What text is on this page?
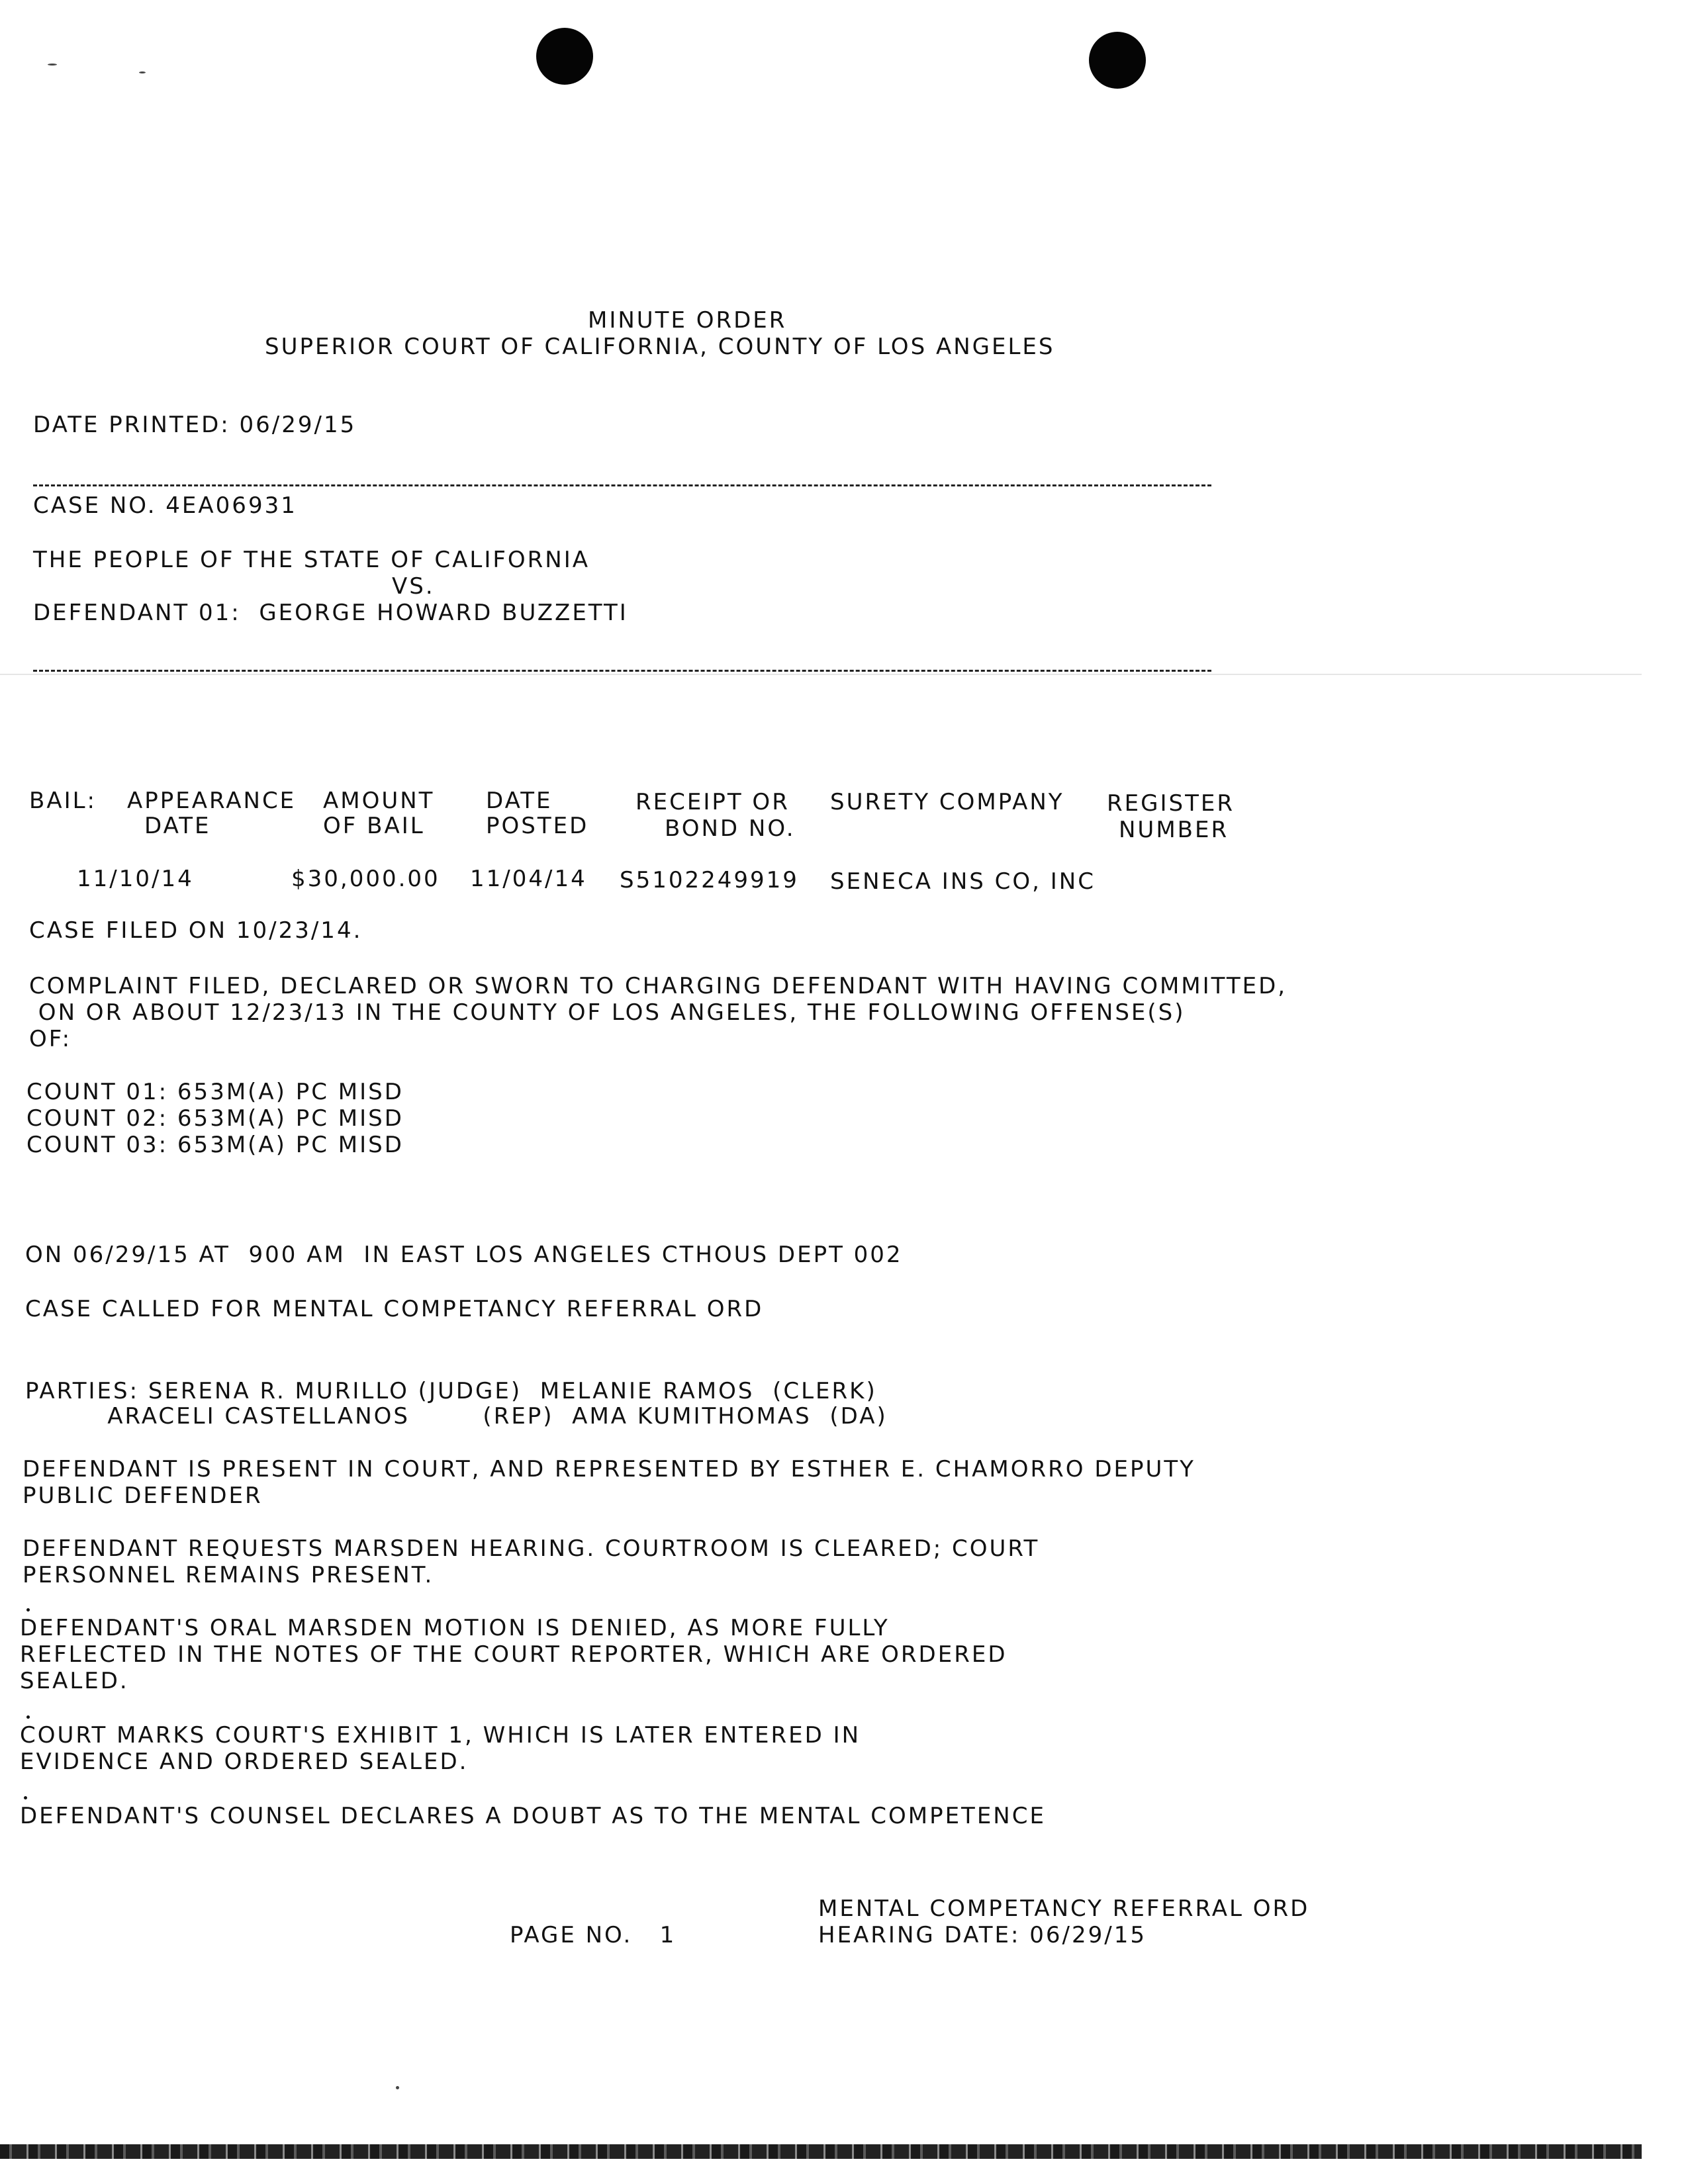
MINUTE ORDER
SUPERIOR COURT OF CALIFORNIA, COUNTY OF LOS ANGELES
DATE PRINTED: 06/29/15
CASE NO. 4EA06931
THE PEOPLE OF THE STATE OF CALIFORNIA
VS.
DEFENDANT 01:  GEORGE HOWARD BUZZETTI
BAIL: APPEARANCE
DATE
AMOUNT
OF BAIL
DATE
POSTED
RECEIPT OR
BOND NO.
SURETY COMPANY REGISTER
NUMBER
11/10/14	$30,000.00 11/04/14 S5102249919 SENECA INS CO, INC
CASE FILED ON 10/23/14.
COMPLAINT FILED, DECLARED OR SWORN TO CHARGING DEFENDANT WITH HAVING COMMITTED,
ON OR ABOUT 12/23/13 IN THE COUNTY OF LOS ANGELES, THE FOLLOWING OFFENSE(S)
OF:
COUNT 01: 653M(A) PC MISD
COUNT 02: 653M(A) PC MISD
COUNT 03: 653M(A) PC MISD
ON 06/29/15 AT  900 AM  IN EAST LOS ANGELES CTHOUS DEPT 002
CASE CALLED FOR MENTAL COMPETANCY REFERRAL ORD
PARTIES: SERENA R. MURILLO (JUDGE)  MELANIE RAMOS  (CLERK)
ARACELI CASTELLANOS        (REP)  AMA KUMITHOMAS  (DA)
DEFENDANT IS PRESENT IN COURT, AND REPRESENTED BY ESTHER E. CHAMORRO DEPUTY
PUBLIC DEFENDER
DEFENDANT REQUESTS MARSDEN HEARING. COURTROOM IS CLEARED; COURT
PERSONNEL REMAINS PRESENT.
DEFENDANT'S ORAL MARSDEN MOTION IS DENIED, AS MORE FULLY
REFLECTED IN THE NOTES OF THE COURT REPORTER, WHICH ARE ORDERED
SEALED.
COURT MARKS COURT'S EXHIBIT 1, WHICH IS LATER ENTERED IN
EVIDENCE AND ORDERED SEALED.
DEFENDANT'S COUNSEL DECLARES A DOUBT AS TO THE MENTAL COMPETENCE
MENTAL COMPETANCY REFERRAL ORD
PAGE NO.   1	HEARING DATE: 06/29/15
